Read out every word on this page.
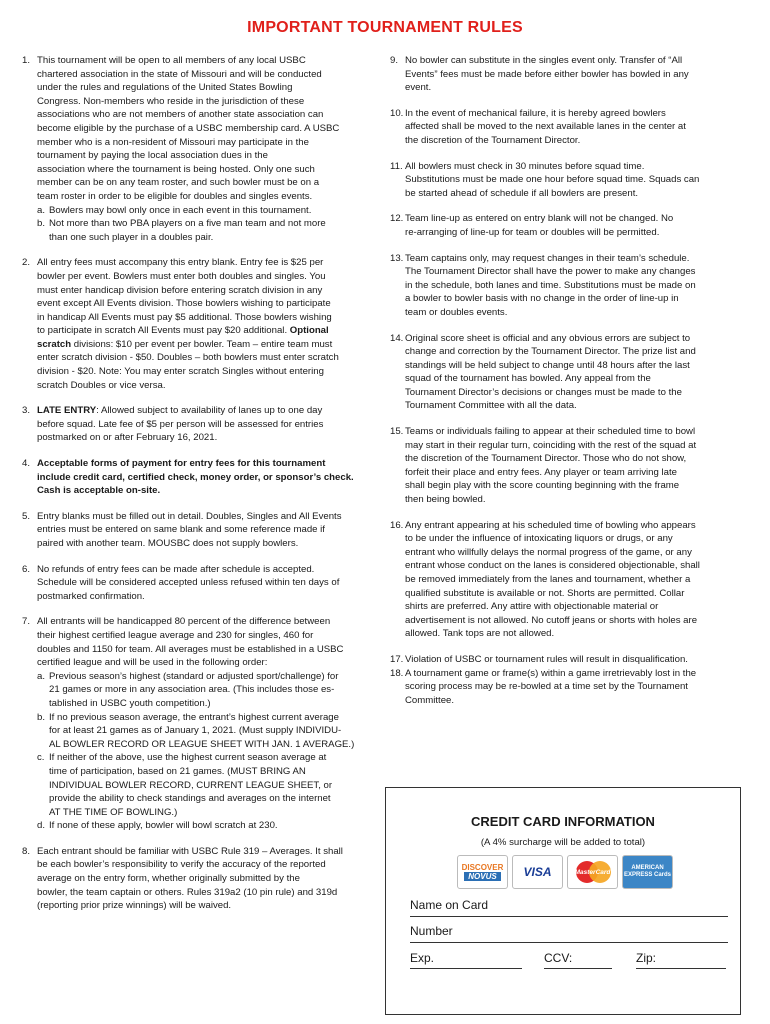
IMPORTANT TOURNAMENT RULES
1. This tournament will be open to all members of any local USBC
chartered association in the state of Missouri and will be conducted
under the rules and regulations of the United States Bowling
Congress. Non-members who reside in the jurisdiction of these
associations who are not members of another state association can
become eligible by the purchase of a USBC membership card. A USBC
member who is a non-resident of Missouri may participate in the
tournament by paying the local association dues in the
association where the tournament is being hosted. Only one such
member can be on any team roster, and such bowler must be on a
team roster in order to be eligible for doubles and singles events.
a. Bowlers may bowl only once in each event in this tournament.
b. Not more than two PBA players on a five man team and not more
than one such player in a doubles pair.
2. All entry fees must accompany this entry blank. Entry fee is $25 per
bowler per event. Bowlers must enter both doubles and singles. You
must enter handicap division before entering scratch division in any
event except All Events division. Those bowlers wishing to participate
in handicap All Events must pay $5 additional. Those bowlers wishing
to participate in scratch All Events must pay $20 additional. Optional
scratch divisions: $10 per event per bowler. Team – entire team must
enter scratch division - $50. Doubles – both bowlers must enter scratch
division - $20. Note: You may enter scratch Singles without entering
scratch Doubles or vice versa.
3. LATE ENTRY: Allowed subject to availability of lanes up to one day
before squad. Late fee of $5 per person will be assessed for entries
postmarked on or after February 16, 2021.
4. Acceptable forms of payment for entry fees for this tournament
include credit card, certified check, money order, or sponsor’s check.
Cash is acceptable on-site.
5. Entry blanks must be filled out in detail. Doubles, Singles and All Events
entries must be entered on same blank and some reference made if
paired with another team. MOUSBC does not supply bowlers.
6. No refunds of entry fees can be made after schedule is accepted.
Schedule will be considered accepted unless refused within ten days of
postmarked confirmation.
7. All entrants will be handicapped 80 percent of the difference between
their highest certified league average and 230 for singles, 460 for
doubles and 1150 for team. All averages must be established in a USBC
certified league and will be used in the following order:
a. Previous season’s highest (standard or adjusted sport/challenge) for
21 games or more in any association area. (This includes those es-
tablished in USBC youth competition.)
b. If no previous season average, the entrant’s highest current average
for at least 21 games as of January 1, 2021. (Must supply INDIVIDU-
AL BOWLER RECORD OR LEAGUE SHEET WITH JAN. 1 AVERAGE.)
c. If neither of the above, use the highest current season average at
time of participation, based on 21 games. (MUST BRING AN
INDIVIDUAL BOWLER RECORD, CURRENT LEAGUE SHEET, or
provide the ability to check standings and averages on the internet
AT THE TIME OF BOWLING.)
d. If none of these apply, bowler will bowl scratch at 230.
8. Each entrant should be familiar with USBC Rule 319 – Averages. It shall
be each bowler’s responsibility to verify the accuracy of the reported
average on the entry form, whether originally submitted by the
bowler, the team captain or others. Rules 319a2 (10 pin rule) and 319d
(reporting prior prize winnings) will be waived.
9. No bowler can substitute in the singles event only. Transfer of “All
Events” fees must be made before either bowler has bowled in any
event.
10. In the event of mechanical failure, it is hereby agreed bowlers
affected shall be moved to the next available lanes in the center at
the discretion of the Tournament Director.
11. All bowlers must check in 30 minutes before squad time.
Substitutions must be made one hour before squad time. Squads can
be started ahead of schedule if all bowlers are present.
12. Team line-up as entered on entry blank will not be changed. No
re-arranging of line-up for team or doubles will be permitted.
13. Team captains only, may request changes in their team’s schedule.
The Tournament Director shall have the power to make any changes
in the schedule, both lanes and time. Substitutions must be made on
a bowler to bowler basis with no change in the order of line-up in
team or doubles events.
14. Original score sheet is official and any obvious errors are subject to
change and correction by the Tournament Director. The prize list and
standings will be held subject to change until 48 hours after the last
squad of the tournament has bowled. Any appeal from the
Tournament Director’s decisions or changes must be made to the
Tournament Committee with all the data.
15. Teams or individuals failing to appear at their scheduled time to bowl
may start in their regular turn, coinciding with the rest of the squad at
the discretion of the Tournament Director. Those who do not show,
forfeit their place and entry fees. Any player or team arriving late
shall begin play with the score counting beginning with the frame
then being bowled.
16. Any entrant appearing at his scheduled time of bowling who appears
to be under the influence of intoxicating liquors or drugs, or any
entrant who willfully delays the normal progress of the game, or any
entrant whose conduct on the lanes is considered objectionable, shall
be removed immediately from the lanes and tournament, whether a
qualified substitute is available or not. Shorts are permitted. Collar
shirts are preferred. Any attire with objectionable material or
advertisement is not allowed. No cutoff jeans or shorts with holes are
allowed. Tank tops are not allowed.
17. Violation of USBC or tournament rules will result in disqualification.
18. A tournament game or frame(s) within a game irretrievably lost in the
scoring process may be re-bowled at a time set by the Tournament
Committee.
CREDIT CARD INFORMATION
(A 4% surcharge will be added to total)
DISCOVER
NOVUS	VISA	MasterCard
AMERICAN EXPRESS Cards
Name on Card
Number
Exp.	CCV:	Zip:
